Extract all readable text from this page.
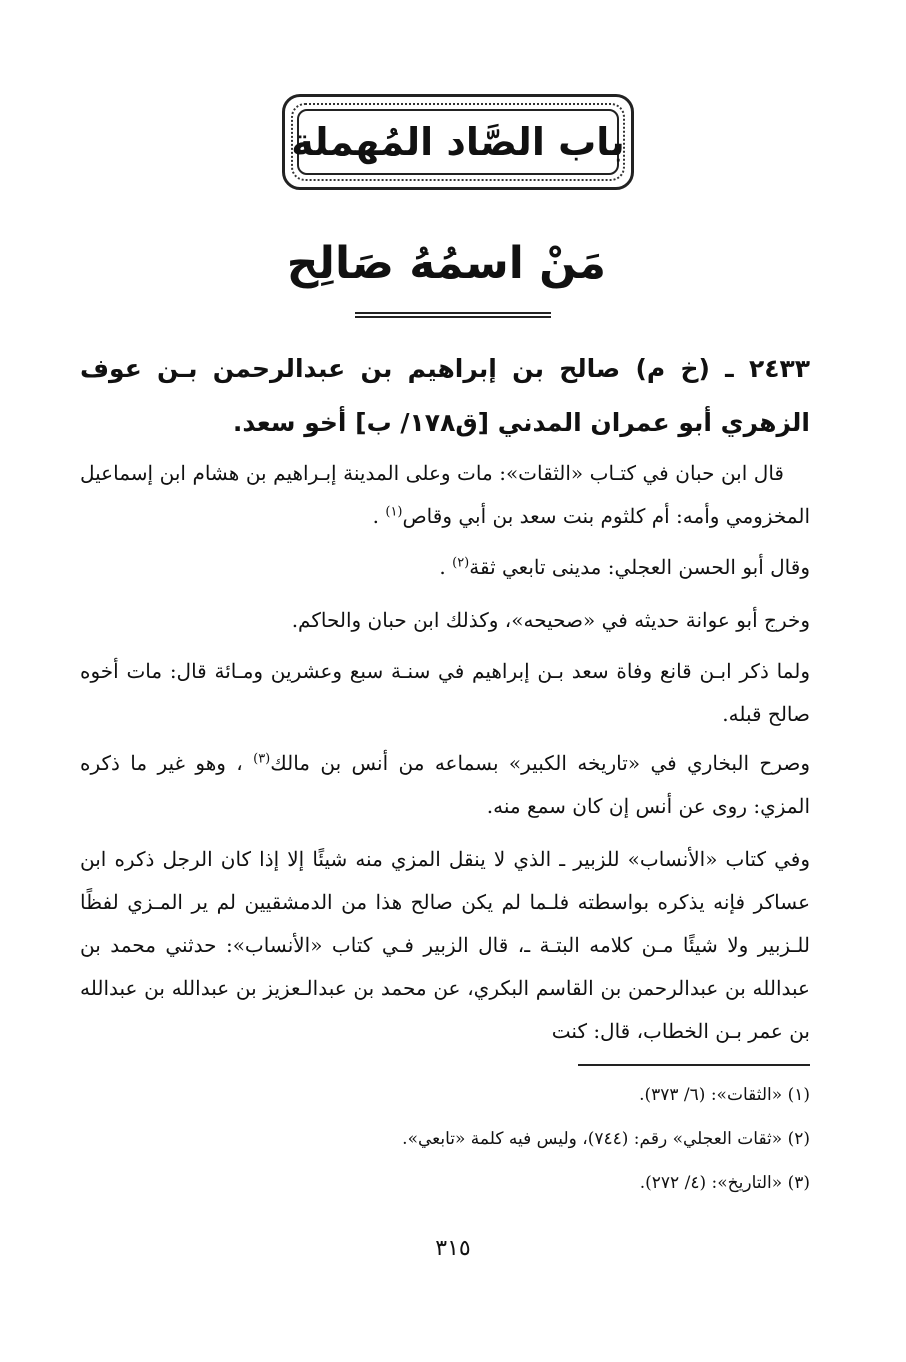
باب الصَّاد المُهملة
مَنْ اسمُهُ صَالِح
٢٤٣٣ ـ (خ م) صالح بن إبراهيم بن عبدالرحمن بـن عوف الزهري أبو عمران المدني [ق١٧٨/ ب] أخو سعد.
قال ابن حبان في كتـاب «الثقات»: مات وعلى المدينة إبـراهيم بن هشام ابن إسماعيل المخزومي وأمه: أم كلثوم بنت سعد بن أبي وقاص$^{(١)}$ .
وقال أبو الحسن العجلي: مدينى تابعي ثقة$^{(٢)}$ .
وخرج أبو عوانة حديثه في «صحيحه»، وكذلك ابن حبان والحاكم.
ولما ذكر ابـن قانع وفاة سعد بـن إبراهيم في سنـة سبع وعشرين ومـائة قال: مات أخوه صالح قبله.
وصرح البخاري في «تاريخه الكبير» بسماعه من أنس بن مالك$^{(٣)}$ ، وهو غير ما ذكره المزي: روى عن أنس إن كان سمع منه.
وفي كتاب «الأنساب» للزبير ـ الذي لا ينقل المزي منه شيئًا إلا إذا كان الرجل ذكره ابن عساكر فإنه يذكره بواسطته فلـما لم يكن صالح هذا من الدمشقيين لم ير المـزي لفظًا للـزبير ولا شيئًا مـن كلامه البتـة ـ، قال الزبير فـي كتاب «الأنساب»: حدثني محمد بن عبدالله بن عبدالرحمن بن القاسم البكري، عن محمد بن عبدالـعزيز بن عبدالله بن عبدالله بن عمر بـن الخطاب، قال: كنت
(١) «الثقات»: (٦/ ٣٧٣).
(٢) «ثقات العجلي» رقم: (٧٤٤)، وليس فيه كلمة «تابعي».
(٣) «التاريخ»: (٤/ ٢٧٢).
٣١٥
